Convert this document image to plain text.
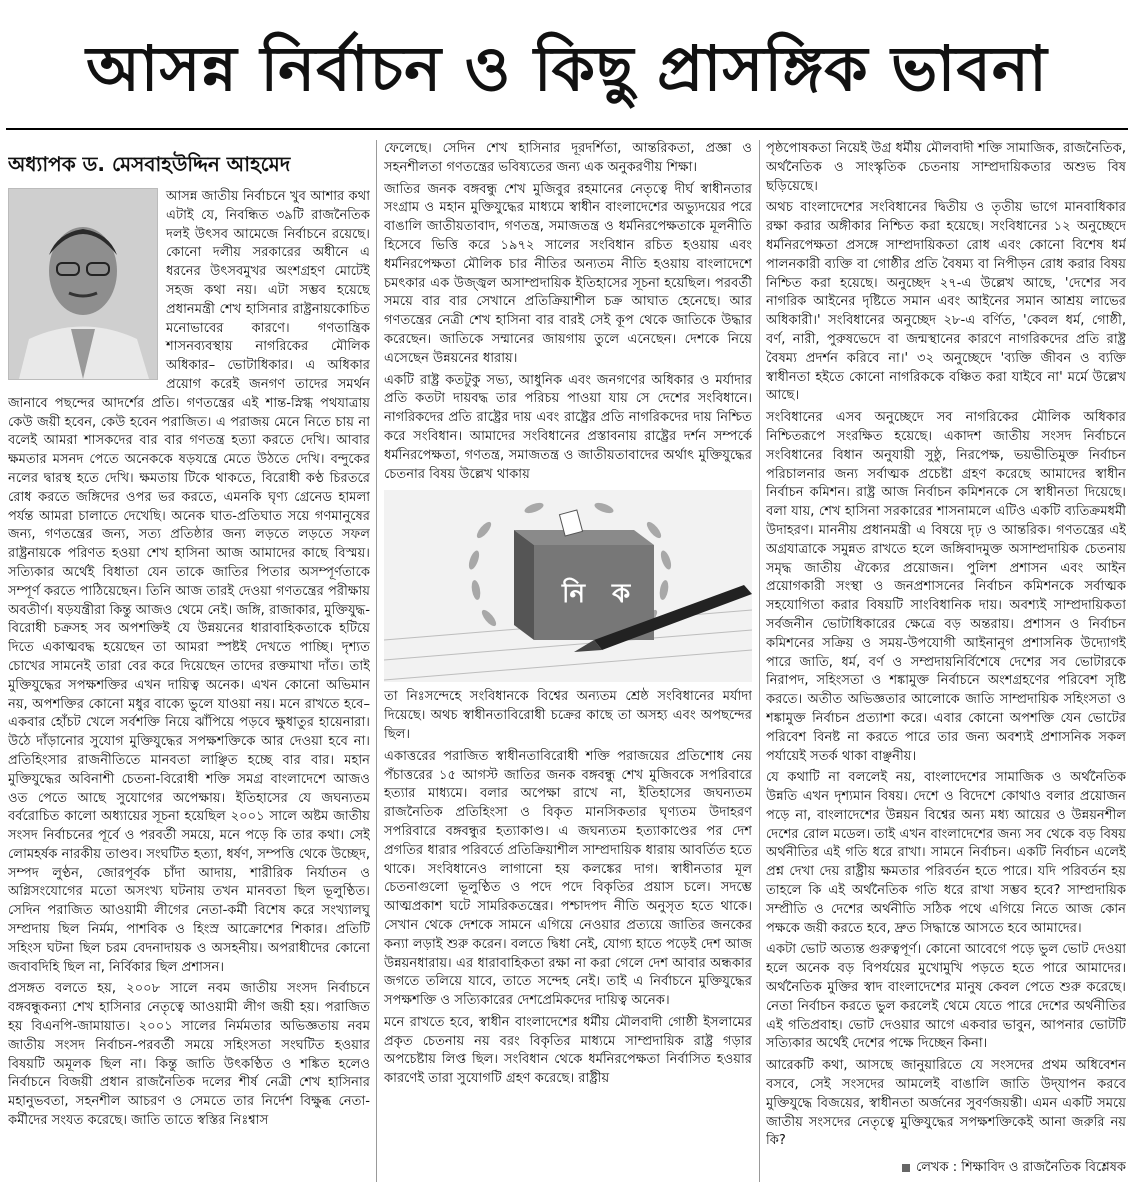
আসন্ন নির্বাচন ও কিছু প্রাসঙ্গিক ভাবনা
অধ্যাপক ড. মেসবাহউদ্দিন আহমেদ

আসন্ন জাতীয় নির্বাচনে খুব আশার কথা এটাই যে, নিবন্ধিত ৩৯টি রাজনৈতিক দলই উৎসব আমেজে নির্বাচনে রয়েছে। কোনো দলীয় সরকারের অধীনে এ ধরনের উৎসবমুখর অংশগ্রহণ মোটেই সহজ কথা নয়। এটা সম্ভব হয়েছে প্রধানমন্ত্রী শেখ হাসিনার রাষ্ট্রনায়কোচিত মনোভাবের কারণে। গণতান্ত্রিক শাসনব্যবস্থায় নাগরিকের মৌলিক অধিকার– ভোটাধিকার। এ অধিকার প্রয়োগ করেই জনগণ তাদের সমর্থন জানাবে পছন্দের আদর্শের প্রতি। গণতন্ত্রের এই শান্ত-স্নিগ্ধ পথযাত্রায় কেউ জয়ী হবেন, কেউ হবেন পরাজিত। এ পরাজয় মেনে নিতে চায় না বলেই আমরা শাসকদের বার বার গণতন্ত্র হত্যা করতে দেখি। আবার ক্ষমতার মসনদ পেতে অনেককে ষড়যন্ত্রে মেতে উঠতে দেখি। বন্দুকের নলের দ্বারস্থ হতে দেখি। ক্ষমতায় টিকে থাকতে, বিরোধী কণ্ঠ চিরতরে রোধ করতে জঙ্গিদের ওপর ভর করতে, এমনকি ঘৃণ্য গ্রেনেড হামলা পর্যন্ত আমরা চালাতে দেখেছি। অনেক ঘাত-প্রতিঘাত সয়ে গণমানুষের জন্য, গণতন্ত্রের জন্য, সত্য প্রতিষ্ঠার জন্য লড়তে লড়তে সফল রাষ্ট্রনায়কে পরিণত হওয়া শেখ হাসিনা আজ আমাদের কাছে বিস্ময়। সত্যিকার অর্থেই বিধাতা যেন তাকে জাতির পিতার অসম্পূর্ণতাকে সম্পূর্ণ করতে পাঠিয়েছেন। তিনি আজ তারই দেওয়া গণতন্ত্রের পরীক্ষায় অবতীর্ণ। ষড়যন্ত্রীরা কিন্তু আজও থেমে নেই। জঙ্গি, রাজাকার, মুক্তিযুদ্ধ-বিরোধী চক্রসহ সব অপশক্তিই যে উন্নয়নের ধারাবাহিকতাকে হটিয়ে দিতে একাত্মবদ্ধ হয়েছেন তা আমরা স্পষ্টই দেখতে পাচ্ছি। দৃশ্যত চোখের সামনেই তারা বের করে দিয়েছেন তাদের রক্তমাখা দাঁত। তাই মুক্তিযুদ্ধের সপক্ষশক্তির এখন দায়িত্ব অনেক। এখন কোনো অভিমান নয়, অপশক্তির কোনো মধুর বাক্যে ভুলে যাওয়া নয়। মনে রাখতে হবে– একবার হোঁচট খেলে সর্বশক্তি নিয়ে ঝাঁপিয়ে পড়বে ক্ষুধাতুর হায়েনারা। উঠে দাঁড়ানোর সুযোগ মুক্তিযুদ্ধের সপক্ষশক্তিকে আর দেওয়া হবে না। প্রতিহিংসার রাজনীতিতে মানবতা লাঞ্ছিত হচ্ছে বার বার। মহান মুক্তিযুদ্ধের অবিনাশী চেতনা-বিরোধী শক্তি সমগ্র বাংলাদেশে আজও ওত পেতে আছে সুযোগের অপেক্ষায়। ইতিহাসের যে জঘন্যতম বর্বরোচিত কালো অধ্যায়ের সূচনা হয়েছিল ২০০১ সালে অষ্টম জাতীয় সংসদ নির্বাচনের পূর্বে ও পরবর্তী সময়ে, মনে পড়ে কি তার কথা। সেই লোমহর্ষক নারকীয় তাণ্ডব। সংঘটিত হত্যা, ধর্ষণ, সম্পত্তি থেকে উচ্ছেদ, সম্পদ লুণ্ঠন, জোরপূর্বক চাঁদা আদায়, শারীরিক নির্যাতন ও অগ্নিসংযোগের মতো অসংখ্য ঘটনায় তখন মানবতা ছিল ভূলুণ্ঠিত। সেদিন পরাজিত আওয়ামী লীগের নেতা-কর্মী বিশেষ করে সংখ্যালঘু সম্প্রদায় ছিল নির্মম, পাশবিক ও হিংস্র আক্রোশের শিকার। প্রতিটি সহিংস ঘটনা ছিল চরম বেদনাদায়ক ও অসহনীয়। অপরাধীদের কোনো জবাবদিহি ছিল না, নির্বিকার ছিল প্রশাসন।

প্রসঙ্গত বলতে হয়, ২০০৮ সালে নবম জাতীয় সংসদ নির্বাচনে বঙ্গবন্ধুকন্যা শেখ হাসিনার নেতৃত্বে আওয়ামী লীগ জয়ী হয়। পরাজিত হয় বিএনপি-জামায়াত। ২০০১ সালের নির্মমতার অভিজ্ঞতায় নবম জাতীয় সংসদ নির্বাচন-পরবর্তী সময়ে সহিংসতা সংঘটিত হওয়ার বিষয়টি অমূলক ছিল না। কিন্তু জাতি উৎকণ্ঠিত ও শঙ্কিত হলেও নির্বাচনে বিজয়ী প্রধান রাজনৈতিক দলের শীর্ষ নেত্রী শেখ হাসিনার মহানুভবতা, সহনশীল আচরণ ও সেমতে তার নির্দেশ বিক্ষুব্ধ নেতা-কর্মীদের সংযত করেছে। জাতি তাতে স্বস্তির নিঃশ্বাস

ফেলেছে। সেদিন শেখ হাসিনার দূরদর্শিতা, আন্তরিকতা, প্রজ্ঞা ও সহনশীলতা গণতন্ত্রের ভবিষ্যতের জন্য এক অনুকরণীয় শিক্ষা।

জাতির জনক বঙ্গবন্ধু শেখ মুজিবুর রহমানের নেতৃত্বে দীর্ঘ স্বাধীনতার সংগ্রাম ও মহান মুক্তিযুদ্ধের মাধ্যমে স্বাধীন বাংলাদেশের অভ্যুদয়ের পরে বাঙালি জাতীয়তাবাদ, গণতন্ত্র, সমাজতন্ত্র ও ধর্মনিরপেক্ষতাকে মূলনীতি হিসেবে ভিত্তি করে ১৯৭২ সালের সংবিধান রচিত হওয়ায় এবং ধর্মনিরপেক্ষতা মৌলিক চার নীতির অন্যতম নীতি হওয়ায় বাংলাদেশে চমৎকার এক উজ্জ্বল অসাম্প্রদায়িক ইতিহাসের সূচনা হয়েছিল। পরবর্তী সময়ে বার বার সেখানে প্রতিক্রিয়াশীল চক্র আঘাত হেনেছে। আর গণতন্ত্রের নেত্রী শেখ হাসিনা বার বারই সেই কূপ থেকে জাতিকে উদ্ধার করেছেন। জাতিকে সম্মানের জায়গায় তুলে এনেছেন। দেশকে নিয়ে এসেছেন উন্নয়নের ধারায়।

একটি রাষ্ট্র কতটুকু সভ্য, আধুনিক এবং জনগণের অধিকার ও মর্যাদার প্রতি কতটা দায়বদ্ধ তার পরিচয় পাওয়া যায় সে দেশের সংবিধানে। নাগরিকদের প্রতি রাষ্ট্রের দায় এবং রাষ্ট্রের প্রতি নাগরিকদের দায় নিশ্চিত করে সংবিধান। আমাদের সংবিধানের প্রস্তাবনায় রাষ্ট্রের দর্শন সম্পর্কে ধর্মনিরপেক্ষতা, গণতন্ত্র, সমাজতন্ত্র ও জাতীয়তাবাদের অর্থাৎ মুক্তিযুদ্ধের চেতনার বিষয় উল্লেখ থাকায়

নি ক

তা নিঃসন্দেহে সংবিধানকে বিশ্বের অন্যতম শ্রেষ্ঠ সংবিধানের মর্যাদা দিয়েছে। অথচ স্বাধীনতাবিরোধী চক্রের কাছে তা অসহ্য এবং অপছন্দের ছিল।

একাত্তরের পরাজিত স্বাধীনতাবিরোধী শক্তি পরাজয়ের প্রতিশোধ নেয় পঁচাত্তরের ১৫ আগস্ট জাতির জনক বঙ্গবন্ধু শেখ মুজিবকে সপরিবারে হত্যার মাধ্যমে। বলার অপেক্ষা রাখে না, ইতিহাসের জঘন্যতম রাজনৈতিক প্রতিহিংসা ও বিকৃত মানসিকতার ঘৃণ্যতম উদাহরণ সপরিবারে বঙ্গবন্ধুর হত্যাকাণ্ড। এ জঘন্যতম হত্যাকাণ্ডের পর দেশ প্রগতির ধারার পরিবর্তে প্রতিক্রিয়াশীল সাম্প্রদায়িক ধারায় আবর্তিত হতে থাকে। সংবিধানেও লাগানো হয় কলঙ্কের দাগ। স্বাধীনতার মূল চেতনাগুলো ভূলুণ্ঠিত ও পদে পদে বিকৃতির প্রয়াস চলে। সদম্ভে আত্মপ্রকাশ ঘটে সামরিকতন্ত্রের। পশ্চাদপদ নীতি অনুসৃত হতে থাকে। সেখান থেকে দেশকে সামনে এগিয়ে নেওয়ার প্রত্যয়ে জাতির জনকের কন্যা লড়াই শুরু করেন। বলতে দ্বিধা নেই, যোগ্য হাতে পড়েই দেশ আজ উন্নয়নধারায়। এর ধারাবাহিকতা রক্ষা না করা গেলে দেশ আবার অন্ধকার জগতে তলিয়ে যাবে, তাতে সন্দেহ নেই। তাই এ নির্বাচনে মুক্তিযুদ্ধের সপক্ষশক্তি ও সত্যিকারের দেশপ্রেমিকদের দায়িত্ব অনেক।

মনে রাখতে হবে, স্বাধীন বাংলাদেশের ধর্মীয় মৌলবাদী গোষ্ঠী ইসলামের প্রকৃত চেতনায় নয় বরং বিকৃতির মাধ্যমে সাম্প্রদায়িক রাষ্ট্র গড়ার অপচেষ্টায় লিপ্ত ছিল। সংবিধান থেকে ধর্মনিরপেক্ষতা নির্বাসিত হওয়ার কারণেই তারা সুযোগটি গ্রহণ করেছে। রাষ্ট্রীয়

পৃষ্ঠপোষকতা নিয়েই উগ্র ধর্মীয় মৌলবাদী শক্তি সামাজিক, রাজনৈতিক, অর্থনৈতিক ও সাংস্কৃতিক চেতনায় সাম্প্রদায়িকতার অশুভ বিষ ছড়িয়েছে।

অথচ বাংলাদেশের সংবিধানের দ্বিতীয় ও তৃতীয় ভাগে মানবাধিকার রক্ষা করার অঙ্গীকার নিশ্চিত করা হয়েছে। সংবিধানের ১২ অনুচ্ছেদে ধর্মনিরপেক্ষতা প্রসঙ্গে সাম্প্রদায়িকতা রোধ এবং কোনো বিশেষ ধর্ম পালনকারী ব্যক্তি বা গোষ্ঠীর প্রতি বৈষম্য বা নিপীড়ন রোধ করার বিষয় নিশ্চিত করা হয়েছে। অনুচ্ছেদ ২৭-এ উল্লেখ আছে, 'দেশের সব নাগরিক আইনের দৃষ্টিতে সমান এবং আইনের সমান আশ্রয় লাভের অধিকারী।' সংবিধানের অনুচ্ছেদ ২৮-এ বর্ণিত, 'কেবল ধর্ম, গোষ্ঠী, বর্ণ, নারী, পুরুষভেদে বা জন্মস্থানের কারণে নাগরিকদের প্রতি রাষ্ট্র বৈষম্য প্রদর্শন করিবে না।' ৩২ অনুচ্ছেদে 'ব্যক্তি জীবন ও ব্যক্তি স্বাধীনতা হইতে কোনো নাগরিককে বঞ্চিত করা যাইবে না' মর্মে উল্লেখ আছে।

সংবিধানের এসব অনুচ্ছেদে সব নাগরিকের মৌলিক অধিকার নিশ্চিতরূপে সংরক্ষিত হয়েছে। একাদশ জাতীয় সংসদ নির্বাচনে সংবিধানের বিধান অনুযায়ী সুষ্ঠু, নিরপেক্ষ, ভয়ভীতিমুক্ত নির্বাচন পরিচালনার জন্য সর্বাত্মক প্রচেষ্টা গ্রহণ করেছে আমাদের স্বাধীন নির্বাচন কমিশন। রাষ্ট্র আজ নির্বাচন কমিশনকে সে স্বাধীনতা দিয়েছে। বলা যায়, শেখ হাসিনা সরকারের শাসনামলে এটিও একটি ব্যতিক্রমধর্মী উদাহরণ। মাননীয় প্রধানমন্ত্রী এ বিষয়ে দৃঢ় ও আন্তরিক। গণতন্ত্রের এই অগ্রযাত্রাকে সমুন্নত রাখতে হলে জঙ্গিবাদমুক্ত অসাম্প্রদায়িক চেতনায় সমৃদ্ধ জাতীয় ঐক্যের প্রয়োজন। পুলিশ প্রশাসন এবং আইন প্রয়োগকারী সংস্থা ও জনপ্রশাসনের নির্বাচন কমিশনকে সর্বাত্মক সহযোগিতা করার বিষয়টি সাংবিধানিক দায়। অবশ্যই সাম্প্রদায়িকতা সর্বজনীন ভোটাধিকারের ক্ষেত্রে বড় অন্তরায়। প্রশাসন ও নির্বাচন কমিশনের সক্রিয় ও সময়-উপযোগী আইনানুগ প্রশাসনিক উদ্যোগই পারে জাতি, ধর্ম, বর্ণ ও সম্প্রদায়নির্বিশেষে দেশের সব ভোটারকে নিরাপদ, সহিংসতা ও শঙ্কামুক্ত নির্বাচনে অংশগ্রহণের পরিবেশ সৃষ্টি করতে। অতীত অভিজ্ঞতার আলোকে জাতি সাম্প্রদায়িক সহিংসতা ও শঙ্কামুক্ত নির্বাচন প্রত্যাশা করে। এবার কোনো অপশক্তি যেন ভোটের পরিবেশ বিনষ্ট না করতে পারে তার জন্য অবশ্যই প্রশাসনিক সকল পর্যায়েই সতর্ক থাকা বাঞ্ছনীয়।

যে কথাটি না বললেই নয়, বাংলাদেশের সামাজিক ও অর্থনৈতিক উন্নতি এখন দৃশ্যমান বিষয়। দেশে ও বিদেশে কোথাও বলার প্রয়োজন পড়ে না, বাংলাদেশের উন্নয়ন বিশ্বের অন্য মধ্য আয়ের ও উন্নয়নশীল দেশের রোল মডেল। তাই এখন বাংলাদেশের জন্য সব থেকে বড় বিষয় অর্থনীতির এই গতি ধরে রাখা। সামনে নির্বাচন। একটি নির্বাচন এলেই প্রশ্ন দেখা দেয় রাষ্ট্রীয় ক্ষমতার পরিবর্তন হতে পারে। যদি পরিবর্তন হয় তাহলে কি এই অর্থনৈতিক গতি ধরে রাখা সম্ভব হবে? সাম্প্রদায়িক সম্প্রীতি ও দেশের অর্থনীতি সঠিক পথে এগিয়ে নিতে আজ কোন পক্ষকে জয়ী করতে হবে, দ্রুত সিদ্ধান্তে আসতে হবে আমাদের।

একটা ভোট অত্যন্ত গুরুত্বপূর্ণ। কোনো আবেগে পড়ে ভুল ভোট দেওয়া হলে অনেক বড় বিপর্যয়ের মুখোমুখি পড়তে হতে পারে আমাদের। অর্থনৈতিক মুক্তির স্বাদ বাংলাদেশের মানুষ কেবল পেতে শুরু করেছে। নেতা নির্বাচন করতে ভুল করলেই থেমে যেতে পারে দেশের অর্থনীতির এই গতিপ্রবাহ। ভোট দেওয়ার আগে একবার ভাবুন, আপনার ভোটটি সত্যিকার অর্থেই দেশের পক্ষে দিচ্ছেন কিনা।

আরেকটি কথা, আসছে জানুয়ারিতে যে সংসদের প্রথম অধিবেশন বসবে, সেই সংসদের আমলেই বাঙালি জাতি উদ্‌যাপন করবে মুক্তিযুদ্ধে বিজয়ের, স্বাধীনতা অর্জনের সুবর্ণজয়ন্তী। এমন একটি সময়ে জাতীয় সংসদের নেতৃত্বে মুক্তিযুদ্ধের সপক্ষশক্তিকেই আনা জরুরি নয় কি?

লেখক : শিক্ষাবিদ ও রাজনৈতিক বিশ্লেষক
